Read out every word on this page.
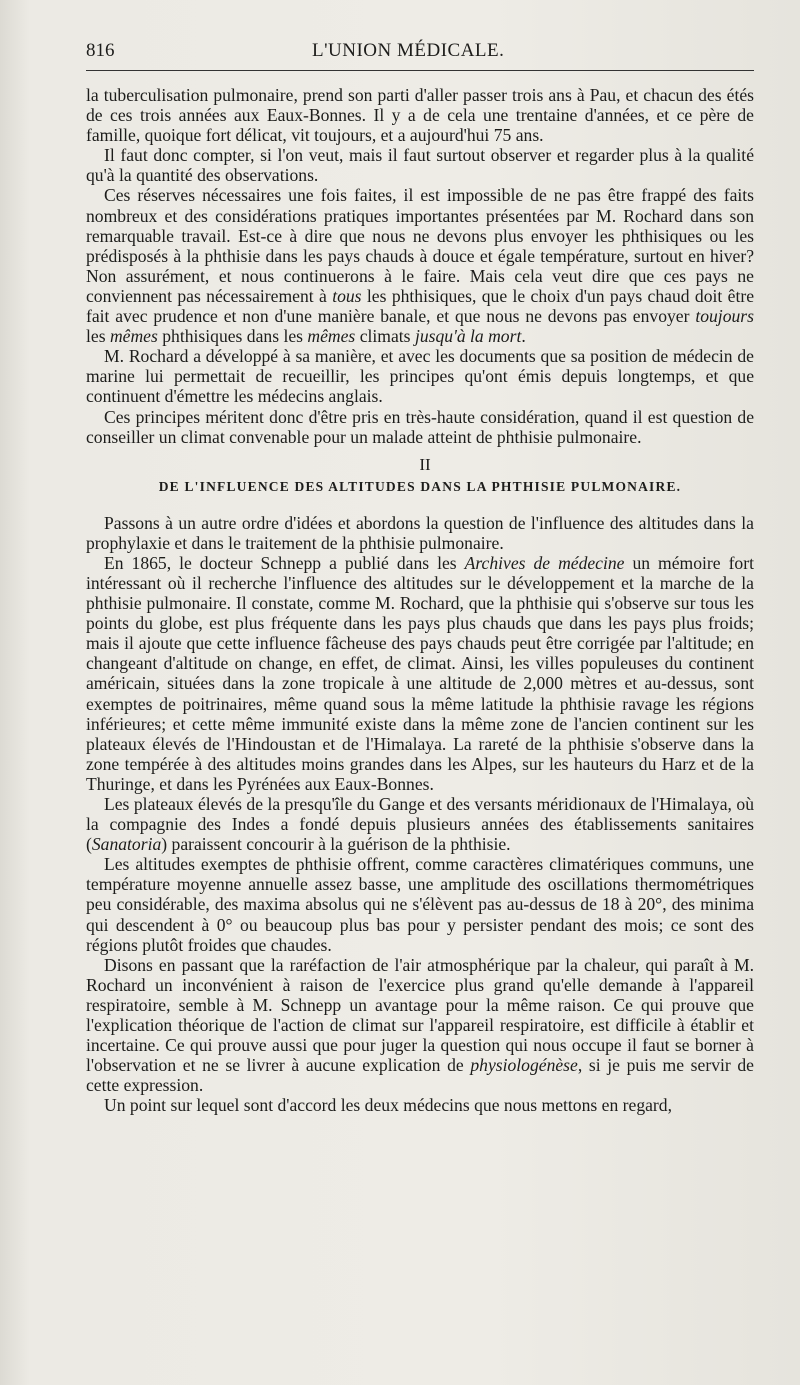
816	L'UNION MÉDICALE.

la tuberculisation pulmonaire, prend son parti d'aller passer trois ans à Pau, et chacun des étés de ces trois années aux Eaux-Bonnes. Il y a de cela une trentaine d'années, et ce père de famille, quoique fort délicat, vit toujours, et a aujourd'hui 75 ans.

Il faut donc compter, si l'on veut, mais il faut surtout observer et regarder plus à la qualité qu'à la quantité des observations.

Ces réserves nécessaires une fois faites, il est impossible de ne pas être frappé des faits nombreux et des considérations pratiques importantes présentées par M. Rochard dans son remarquable travail. Est-ce à dire que nous ne devons plus envoyer les phthisiques ou les prédisposés à la phthisie dans les pays chauds à douce et égale température, surtout en hiver? Non assurément, et nous continuerons à le faire. Mais cela veut dire que ces pays ne conviennent pas nécessairement à tous les phthisiques, que le choix d'un pays chaud doit être fait avec prudence et non d'une manière banale, et que nous ne devons pas envoyer toujours les mêmes phthisiques dans les mêmes climats jusqu'à la mort.

M. Rochard a développé à sa manière, et avec les documents que sa position de médecin de marine lui permettait de recueillir, les principes qu'ont émis depuis longtemps, et que continuent d'émettre les médecins anglais.

Ces principes méritent donc d'être pris en très-haute considération, quand il est question de conseiller un climat convenable pour un malade atteint de phthisie pulmonaire.

II
DE L'INFLUENCE DES ALTITUDES DANS LA PHTHISIE PULMONAIRE.

Passons à un autre ordre d'idées et abordons la question de l'influence des altitudes dans la prophylaxie et dans le traitement de la phthisie pulmonaire.

En 1865, le docteur Schnepp a publié dans les Archives de médecine un mémoire fort intéressant où il recherche l'influence des altitudes sur le développement et la marche de la phthisie pulmonaire. Il constate, comme M. Rochard, que la phthisie qui s'observe sur tous les points du globe, est plus fréquente dans les pays plus chauds que dans les pays plus froids; mais il ajoute que cette influence fâcheuse des pays chauds peut être corrigée par l'altitude; en changeant d'altitude on change, en effet, de climat. Ainsi, les villes populeuses du continent américain, situées dans la zone tropicale à une altitude de 2,000 mètres et au-dessus, sont exemptes de poitrinaires, même quand sous la même latitude la phthisie ravage les régions inférieures; et cette même immunité existe dans la même zone de l'ancien continent sur les plateaux élevés de l'Hindoustan et de l'Himalaya. La rareté de la phthisie s'observe dans la zone tempérée à des altitudes moins grandes dans les Alpes, sur les hauteurs du Harz et de la Thuringe, et dans les Pyrénées aux Eaux-Bonnes.

Les plateaux élevés de la presqu'île du Gange et des versants méridionaux de l'Himalaya, où la compagnie des Indes a fondé depuis plusieurs années des établissements sanitaires (Sanatoria) paraissent concourir à la guérison de la phthisie.

Les altitudes exemptes de phthisie offrent, comme caractères climatériques communs, une température moyenne annuelle assez basse, une amplitude des oscillations thermométriques peu considérable, des maxima absolus qui ne s'élèvent pas au-dessus de 18 à 20°, des minima qui descendent à 0° ou beaucoup plus bas pour y persister pendant des mois; ce sont des régions plutôt froides que chaudes.

Disons en passant que la raréfaction de l'air atmosphérique par la chaleur, qui paraît à M. Rochard un inconvénient à raison de l'exercice plus grand qu'elle demande à l'appareil respiratoire, semble à M. Schnepp un avantage pour la même raison. Ce qui prouve que l'explication théorique de l'action de climat sur l'appareil respiratoire, est difficile à établir et incertaine. Ce qui prouve aussi que pour juger la question qui nous occupe il faut se borner à l'observation et ne se livrer à aucune explication de physiologénèse, si je puis me servir de cette expression.

Un point sur lequel sont d'accord les deux médecins que nous mettons en regard,
